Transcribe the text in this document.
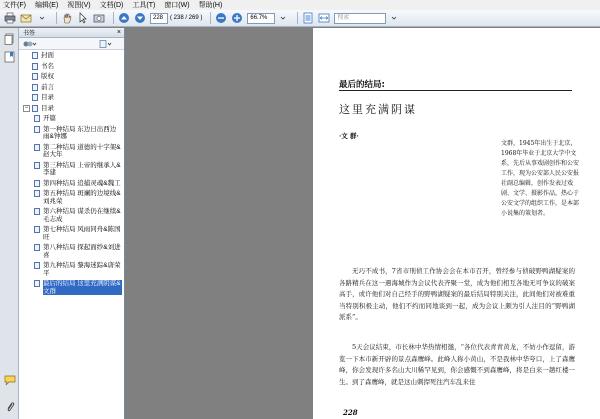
文件(F)	编辑(E)	视图(V)	文档(D)	工具(T)	窗口(W)	帮助(H)
228	( 238 / 269 )	66.7%	搜索
书签	×
封面
书名
版权
前言
目录
− 目录
开篇
第一种结局 东边日出西边雨&钟娜
第二种结局 道德的十字架&赵大年
第三种结局 上帝的继承人&李建
第四种结局 追捕灵魂&魏工
第五种结局 斑斓的边境线&刘兆荣
第六种结局 谋杀仍在继续&毛志成
第七种结局 风雨同舟&陈国旺
第八种结局 探起面纱&刘进喜
第九种结局 黎海迷踪&唐荣平
最后的结局 这里充满阴谋&文群
最后的结局:
这里充满阴谋
·文 群·
文群，1945年出生于北京，1968年毕业于北京大学中文系，先后从事戏剧创作和公安工作，现为公安部人民公安报社副总编辑，创作发表过戏剧、文学、摄影作品，热心于公安文学的组织工作，是本部小说集的策划者。
无巧不成书，7省市刑侦工作协会会在本市召开，曾经参与侦破野鸭湖疑案的各路精兵在这一遇海城作为会议代表齐聚一堂，成为他们相互各地无可争议的破案高手，或许他们对自己经手的野鸭湖疑案的最后结局特别关注，此间他们对被难重当特别积极主动，他们不约而同地谈到一起，成为会议上颇为引人注目的“野鸭湖派系”。
5天会议结束，市长林中华热情相邀，“各位代表青青黄龙，不妨小作逗留，游览一下本市新开辟的景点森鹰峰。此峰人称小黄山，不是我林中华夸口，上了森鹰峰，你会发现许多名山大川稀罕见到，你会感慨不到森鹰峰，将是白来一趟红楼一生。到了森鹰峰，就是这山刺捍死往汽车乱来住
228
